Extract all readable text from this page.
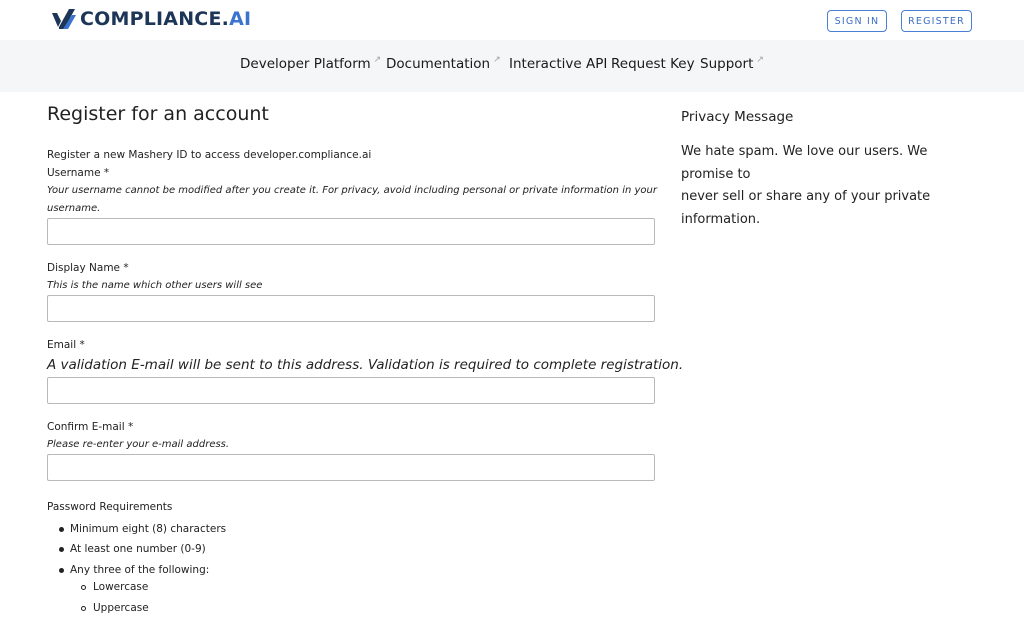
COMPLIANCE.AI	SIGN IN	REGISTER
Developer Platform ↗ Documentation ↗ Interactive API Request Key Support ↗
Register for an account
Register a new Mashery ID to access developer.compliance.ai
Username *
Your username cannot be modified after you create it. For privacy, avoid including personal or private information in your
username.
Display Name *
This is the name which other users will see
Email *
A validation E-mail will be sent to this address. Validation is required to complete registration.
Confirm E-mail *
Please re-enter your e-mail address.
Password Requirements
Minimum eight (8) characters
At least one number (0-9)
Any three of the following:
Lowercase
Uppercase
Privacy Message
We hate spam. We love our users. We promise to
never sell or share any of your private
information.
